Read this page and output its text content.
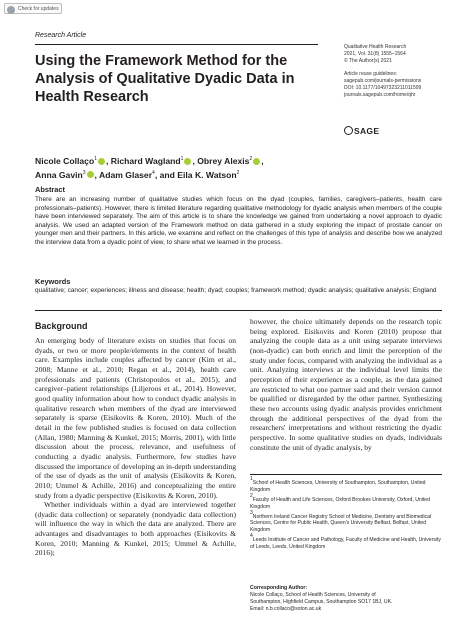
Check for updates
Research Article
Using the Framework Method for the Analysis of Qualitative Dyadic Data in Health Research
Qualitative Health Research
2021, Vol. 31(8) 1555–1564
© The Author(s) 2021

Article reuse guidelines:
sagepub.com/journals-permissions
DOI: 10.1177/10497323211011599
journals.sagepub.com/home/qhr
SAGE
Nicole Collaço$^1$ , Richard Wagland$^1$ , Obrey Alexis$^2$ ,
Anna Gavin$^3$ , Adam Glaser$^4$, and Eila K. Watson$^2$
Abstract

There are an increasing number of qualitative studies which focus on the dyad (couples, families, caregivers–patients, health care professionals–patients). However, there is limited literature regarding qualitative methodology for dyadic analysis when members of the couple have been interviewed separately. The aim of this article is to share the knowledge we gained from undertaking a novel approach to dyadic analysis. We used an adapted version of the Framework method on data gathered in a study exploring the impact of prostate cancer on younger men and their partners. In this article, we examine and reflect on the challenges of this type of analysis and describe how we analyzed the interview data from a dyadic point of view, to share what we learned in the process.

Keywords

qualitative; cancer; experiences; illness and disease; health; dyad; couples; framework method; dyadic analysis; qualitative analysis; England

Background

An emerging body of literature exists on studies that focus on dyads, or two or more people/elements in the context of health care. Examples include couples affected by cancer (Kim et al., 2008; Manne et al., 2010; Regan et al., 2014), health care professionals and patients (Christopoulos et al., 2015), and caregiver–patient relationships (Liljeroos et al., 2014). However, good quality information about how to conduct dyadic analysis in qualitative research when members of the dyad are interviewed separately is sparse (Eisikovits & Koren, 2010). Much of the detail in the few published studies is focused on data collection (Allan, 1980; Manning & Kunkel, 2015; Morris, 2001), with little discussion about the process, relevance, and usefulness of conducting a dyadic analysis. Furthermore, few studies have discussed the importance of developing an in-depth understanding of the use of dyads as the unit of analysis (Eisikovits & Koren, 2010; Ummel & Achille, 2016) and conceptualizing the entire study from a dyadic perspective (Eisikovits & Koren, 2010).

Whether individuals within a dyad are interviewed together (dyadic data collection) or separately (nondyadic data collection) will influence the way in which the data are analyzed. There are advantages and disadvantages to both approaches (Eisikovits & Koren, 2010; Manning & Kunkel, 2015; Ummel & Achille, 2016);

however, the choice ultimately depends on the research topic being explored. Eisikovits and Koren (2010) propose that analyzing the couple data as a unit using separate interviews (non-dyadic) can both enrich and limit the perception of the study under focus, compared with analyzing the individual as a unit. Analyzing interviews at the individual level limits the perception of their experience as a couple, as the data gained are restricted to what one partner said and their version cannot be qualified or disregarded by the other partner. Synthesizing these two accounts using dyadic analysis provides enrichment through the additional perspectives of the dyad from the researchers' interpretations and without restricting the dyadic perspective. In some qualitative studies on dyads, individuals constitute the unit of dyadic analysis, by

$^1$School of Health Sciences, University of Southampton, Southampton, United Kingdom
$^2$Faculty of Health and Life Sciences, Oxford Brookes University, Oxford, United Kingdom
$^3$Northern Ireland Cancer Registry School of Medicine, Dentistry and Biomedical Sciences, Centre for Public Health, Queen's University Belfast, Belfast, United Kingdom
$^4$Leeds Institute of Cancer and Pathology, Faculty of Medicine and Health, University of Leeds, Leeds, United Kingdom
Corresponding Author:
Nicole Collaço, School of Health Sciences, University of
Southampton, Highfield Campus, Southampton SO17 1BJ, UK.
Email: n.b.collaco@soton.ac.uk
